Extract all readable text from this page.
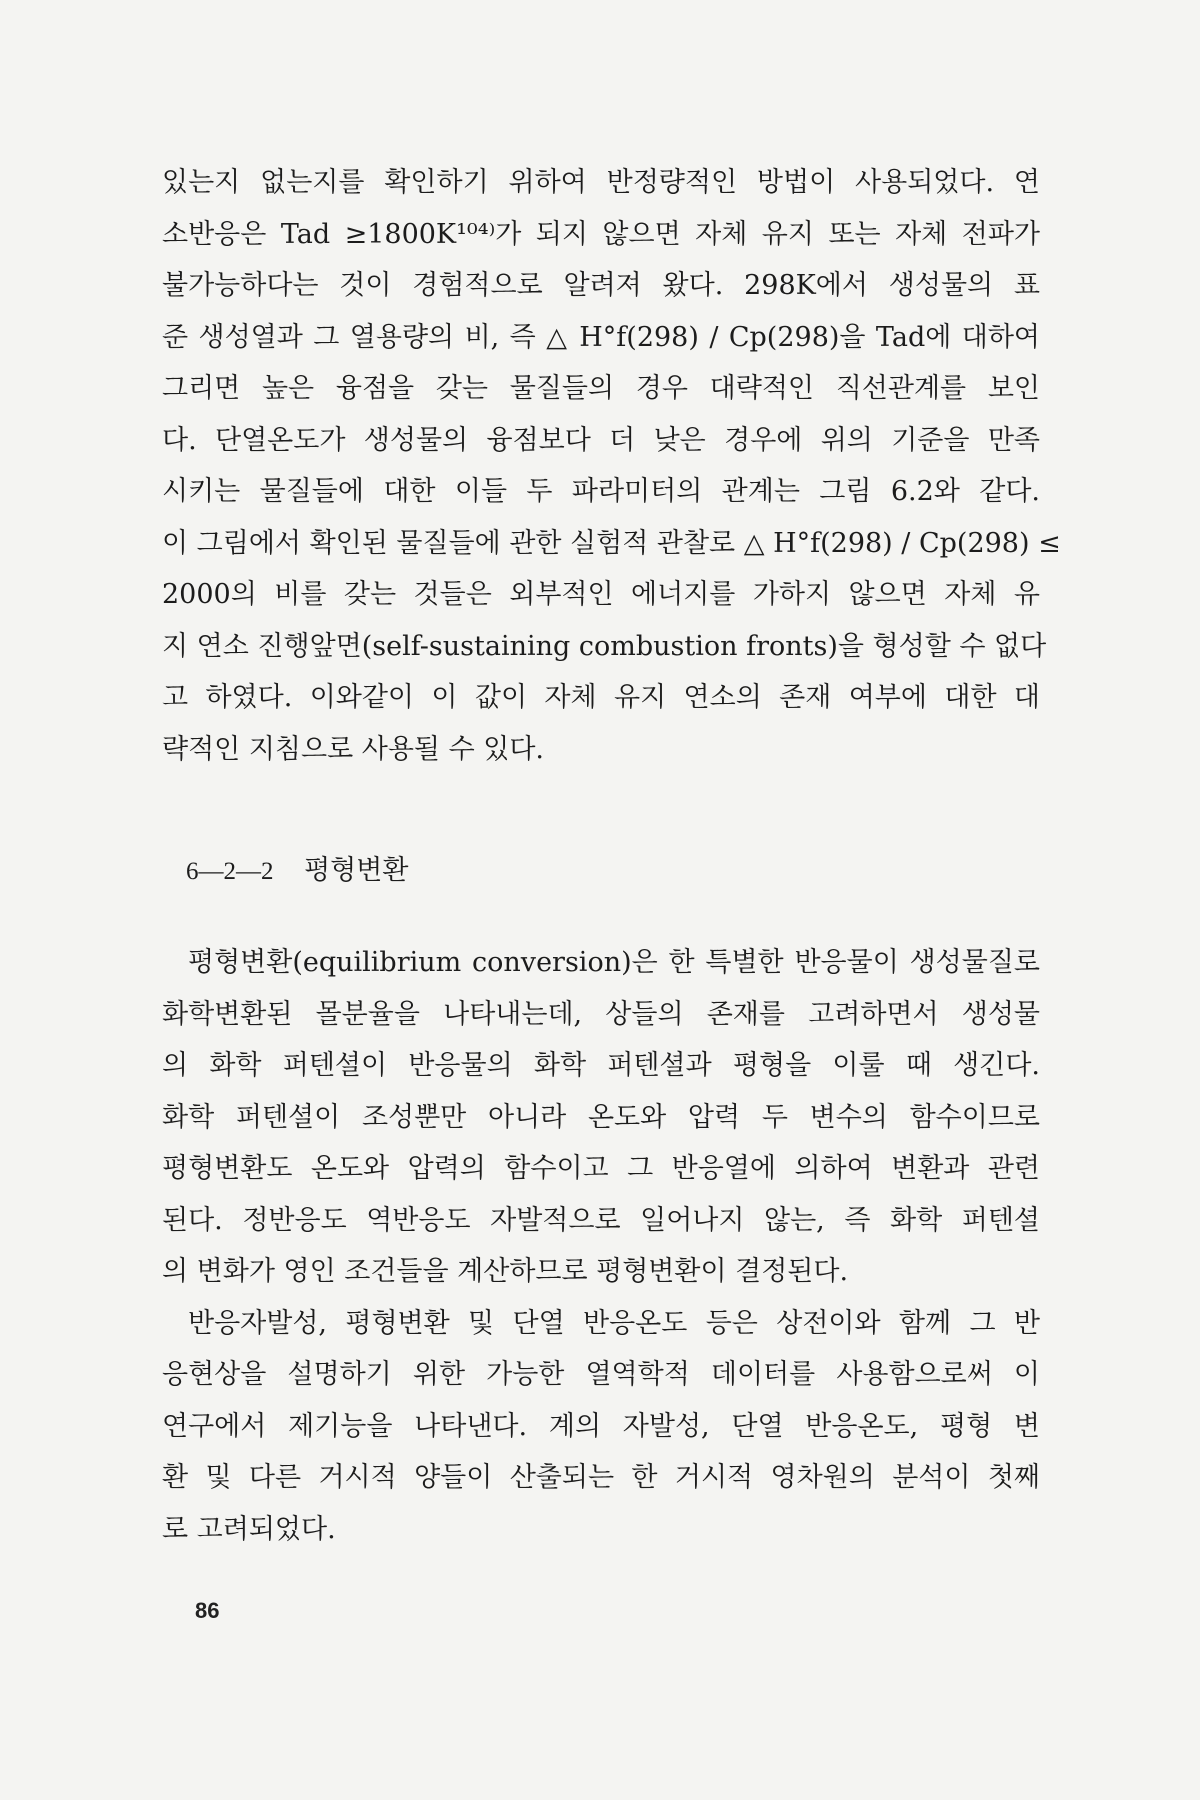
있는지 없는지를 확인하기 위하여 반정량적인 방법이 사용되었다. 연
소반응은 Tad ≥1800K¹⁰⁴⁾가 되지 않으면 자체 유지 또는 자체 전파가
불가능하다는 것이 경험적으로 알려져 왔다. 298K에서 생성물의 표
준 생성열과 그 열용량의 비, 즉 △ H°f(298) / Cp(298)을 Tad에 대하여
그리면 높은 융점을 갖는 물질들의 경우 대략적인 직선관계를 보인
다. 단열온도가 생성물의 융점보다 더 낮은 경우에 위의 기준을 만족
시키는 물질들에 대한 이들 두 파라미터의 관계는 그림 6.2와 같다.
이 그림에서 확인된 물질들에 관한 실험적 관찰로 △ H°f(298) / Cp(298) ≤
2000의 비를 갖는 것들은 외부적인 에너지를 가하지 않으면 자체 유
지 연소 진행앞면(self-sustaining combustion fronts)을 형성할 수 없다
고 하였다. 이와같이 이 값이 자체 유지 연소의 존재 여부에 대한 대
략적인 지침으로 사용될 수 있다.
6—2—2 평형변환
평형변환(equilibrium conversion)은 한 특별한 반응물이 생성물질로
화학변환된 몰분율을 나타내는데, 상들의 존재를 고려하면서 생성물
의 화학 퍼텐셜이 반응물의 화학 퍼텐셜과 평형을 이룰 때 생긴다.
화학 퍼텐셜이 조성뿐만 아니라 온도와 압력 두 변수의 함수이므로
평형변환도 온도와 압력의 함수이고 그 반응열에 의하여 변환과 관련
된다. 정반응도 역반응도 자발적으로 일어나지 않는, 즉 화학 퍼텐셜
의 변화가 영인 조건들을 계산하므로 평형변환이 결정된다.
반응자발성, 평형변환 및 단열 반응온도 등은 상전이와 함께 그 반
응현상을 설명하기 위한 가능한 열역학적 데이터를 사용함으로써 이
연구에서 제기능을 나타낸다. 계의 자발성, 단열 반응온도, 평형 변
환 및 다른 거시적 양들이 산출되는 한 거시적 영차원의 분석이 첫째
로 고려되었다.
86
